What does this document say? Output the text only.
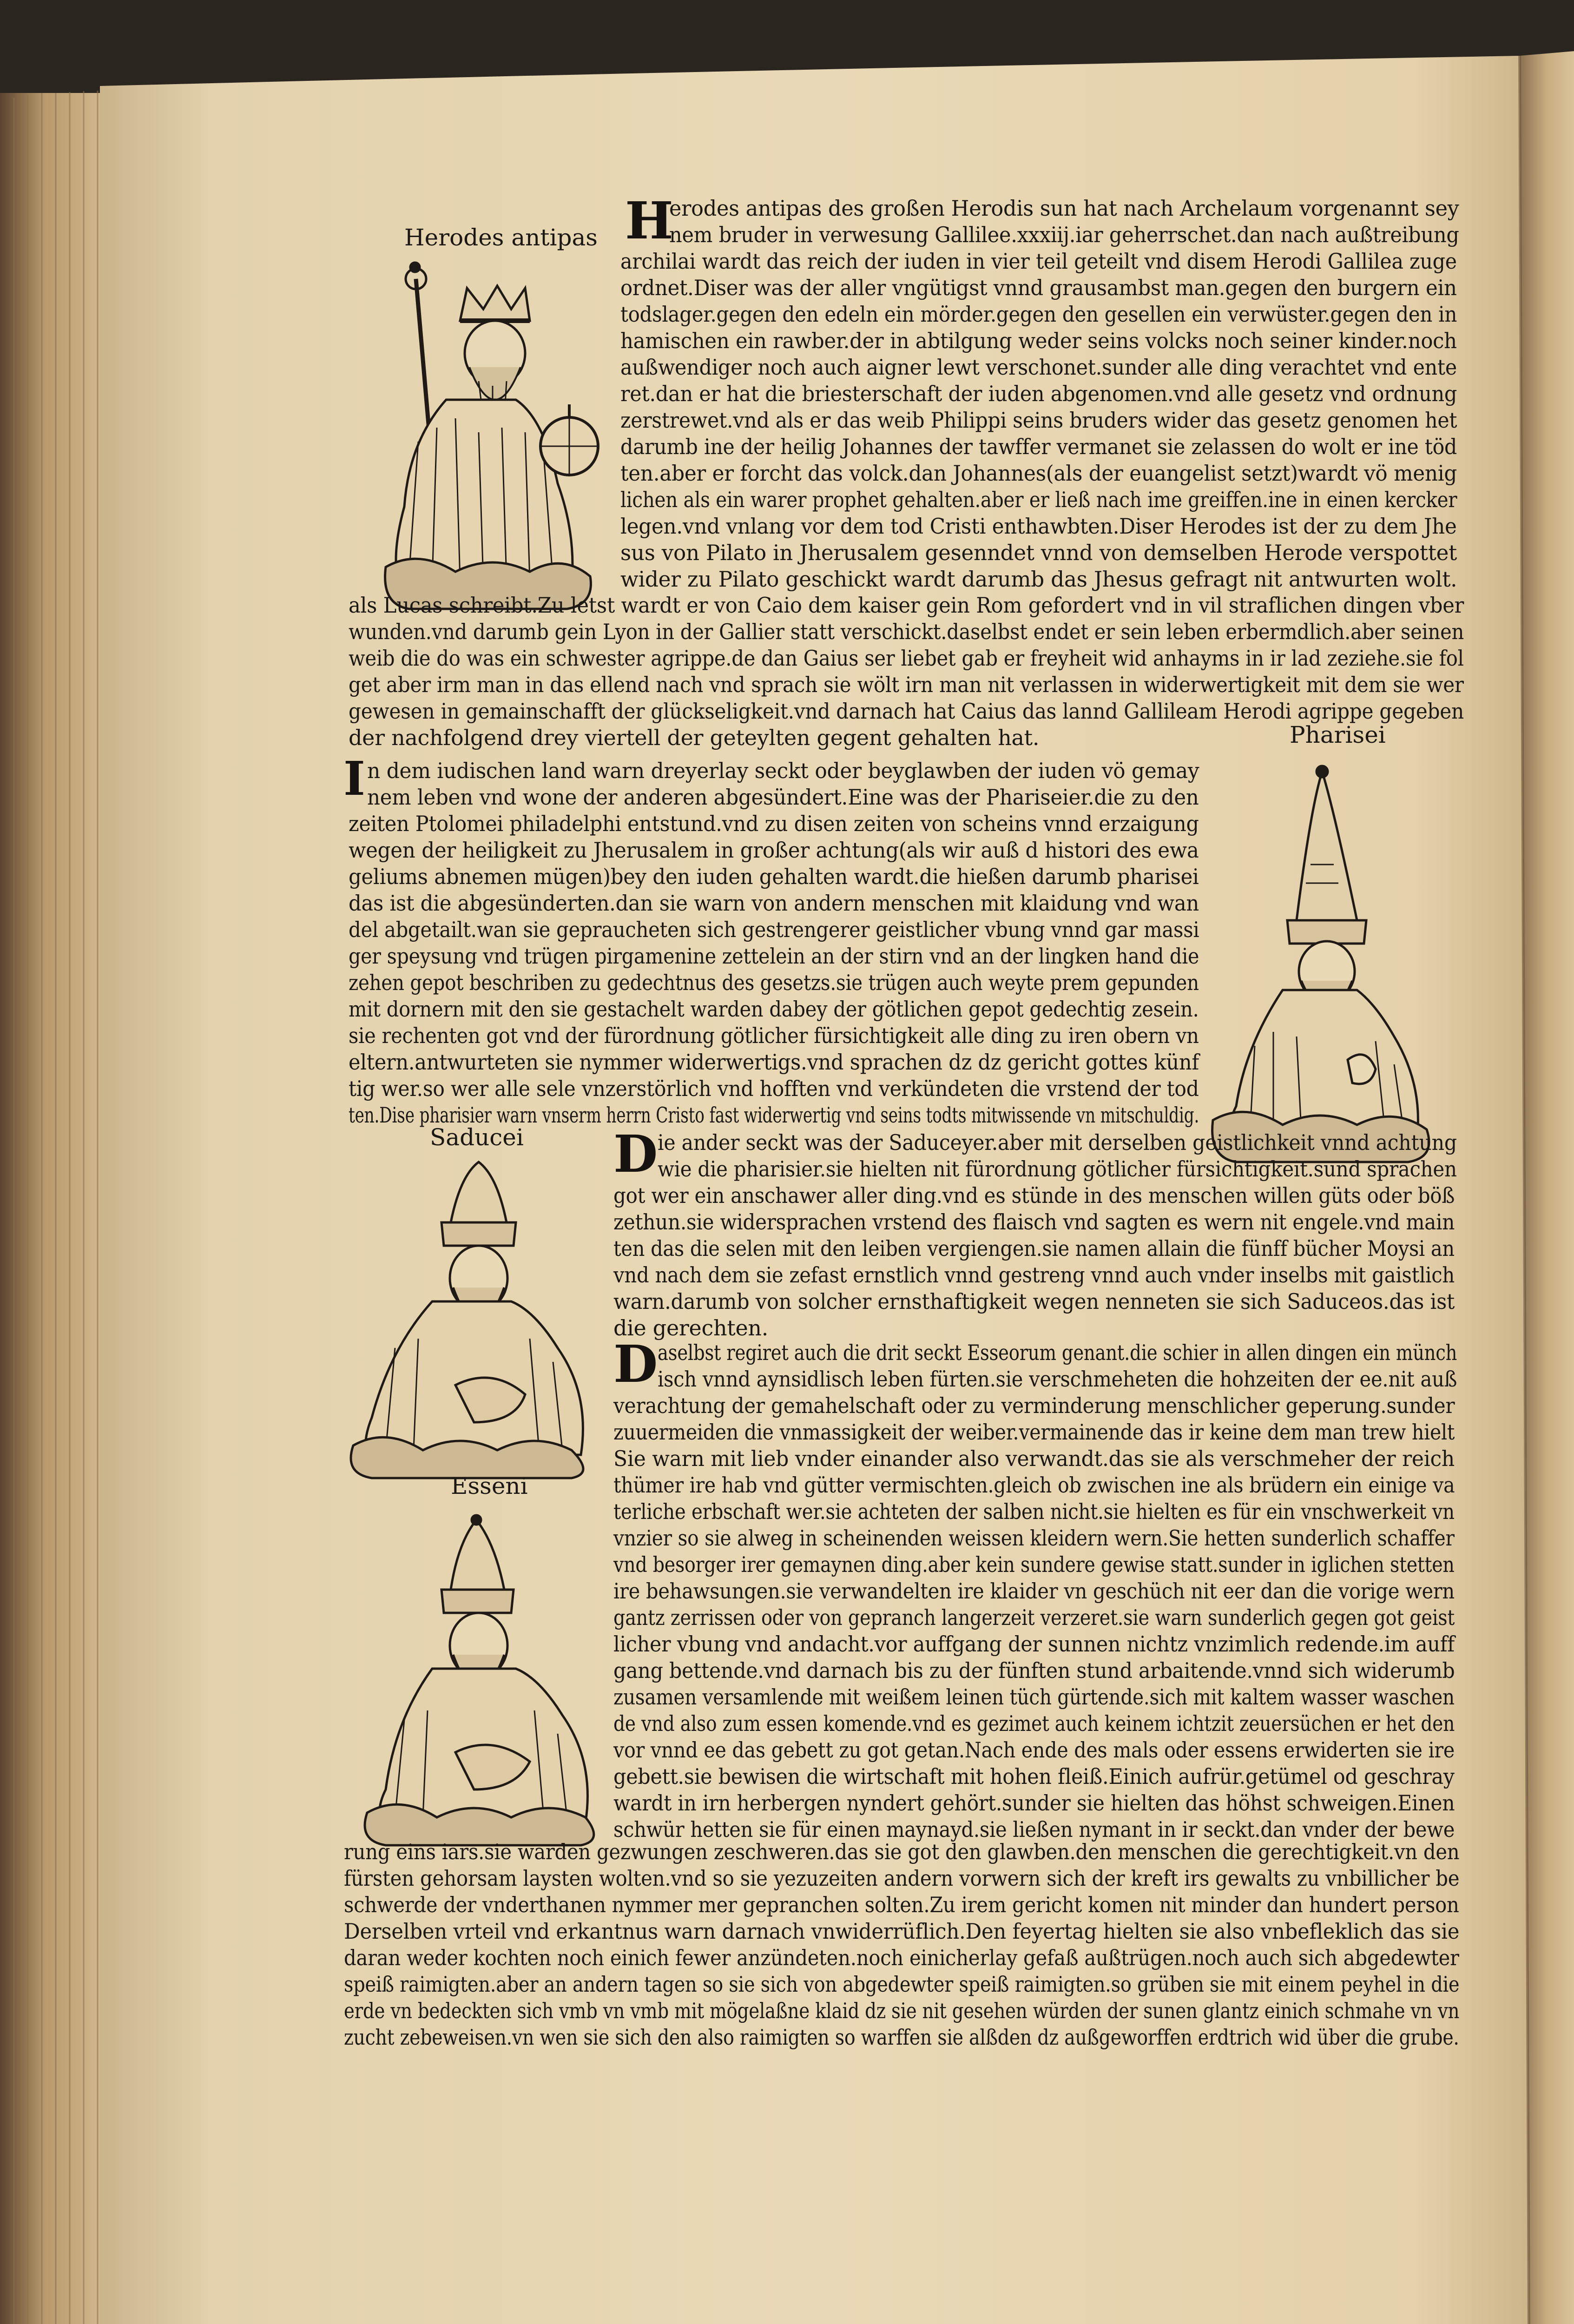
Herodes antipas
Pharisei
Saducei
Esseni
H
I
D
D
erodes antipas des großen Herodis sun hat nach Archelaum vorgenannt sey
nem bruder in verwesung Gallilee.xxxiij.iar geherrschet.dan nach außtreibung
archilai wardt das reich der iuden in vier teil geteilt vnd disem Herodi Gallilea zuge
ordnet.Diser was der aller vngütigst vnnd grausambst man.gegen den burgern ein
todslager.gegen den edeln ein mörder.gegen den gesellen ein verwüster.gegen den in
hamischen ein rawber.der in abtilgung weder seins volcks noch seiner kinder.noch
außwendiger noch auch aigner lewt verschonet.sunder alle ding verachtet vnd ente
ret.dan er hat die briesterschaft der iuden abgenomen.vnd alle gesetz vnd ordnung
zerstrewet.vnd als er das weib Philippi seins bruders wider das gesetz genomen het
darumb ine der heilig Johannes der tawffer vermanet sie zelassen do wolt er ine töd
ten.aber er forcht das volck.dan Johannes(als der euangelist setzt)wardt vö menig
lichen als ein warer prophet gehalten.aber er ließ nach ime greiffen.ine in einen kercker
legen.vnd vnlang vor dem tod Cristi enthawbten.Diser Herodes ist der zu dem Jhe
sus von Pilato in Jherusalem gesenndet vnnd von demselben Herode verspottet
wider zu Pilato geschickt wardt darumb das Jhesus gefragt nit antwurten wolt.
als Lucas schreibt.Zu letst wardt er von Caio dem kaiser gein Rom gefordert vnd in vil straflichen dingen vber
wunden.vnd darumb gein Lyon in der Gallier statt verschickt.daselbst endet er sein leben erbermdlich.aber seinen
weib die do was ein schwester agrippe.de dan Gaius ser liebet gab er freyheit wid anhayms in ir lad zeziehe.sie fol
get aber irm man in das ellend nach vnd sprach sie wölt irn man nit verlassen in widerwertigkeit mit dem sie wer
gewesen in gemainschafft der glückseligkeit.vnd darnach hat Caius das lannd Gallileam Herodi agrippe gegeben
der nachfolgend drey viertell der geteylten gegent gehalten hat.
n dem iudischen land warn dreyerlay seckt oder beyglawben der iuden vö gemay
nem leben vnd wone der anderen abgesündert.Eine was der Phariseier.die zu den
zeiten Ptolomei philadelphi entstund.vnd zu disen zeiten von scheins vnnd erzaigung
wegen der heiligkeit zu Jherusalem in großer achtung(als wir auß d histori des ewa
geliums abnemen mügen)bey den iuden gehalten wardt.die hießen darumb pharisei
das ist die abgesünderten.dan sie warn von andern menschen mit klaidung vnd wan
del abgetailt.wan sie gepraucheten sich gestrengerer geistlicher vbung vnnd gar massi
ger speysung vnd trügen pirgamenine zettelein an der stirn vnd an der lingken hand die
zehen gepot beschriben zu gedechtnus des gesetzs.sie trügen auch weyte prem gepunden
mit dornern mit den sie gestachelt warden dabey der götlichen gepot gedechtig zesein.
sie rechenten got vnd der fürordnung götlicher fürsichtigkeit alle ding zu iren obern vn
eltern.antwurteten sie nymmer widerwertigs.vnd sprachen dz dz gericht gottes künf
tig wer.so wer alle sele vnzerstörlich vnd hofften vnd verkündeten die vrstend der tod
ten.Dise pharisier warn vnserm herrn Cristo fast widerwertig vnd seins todts mitwissende vn mitschuldig.
ie ander seckt was der Saduceyer.aber mit derselben geistlichkeit vnnd achtung
wie die pharisier.sie hielten nit fürordnung götlicher fürsichtigkeit.sund sprachen
got wer ein anschawer aller ding.vnd es stünde in des menschen willen güts oder böß
zethun.sie widersprachen vrstend des flaisch vnd sagten es wern nit engele.vnd main
ten das die selen mit den leiben vergiengen.sie namen allain die fünff bücher Moysi an
vnd nach dem sie zefast ernstlich vnnd gestreng vnnd auch vnder inselbs mit gaistlich
warn.darumb von solcher ernsthaftigkeit wegen nenneten sie sich Saduceos.das ist
die gerechten.
aselbst regiret auch die drit seckt Esseorum genant.die schier in allen dingen ein münch
isch vnnd aynsidlisch leben fürten.sie verschmeheten die hohzeiten der ee.nit auß
verachtung der gemahelschaft oder zu verminderung menschlicher geperung.sunder
zuuermeiden die vnmassigkeit der weiber.vermainende das ir keine dem man trew hielt
Sie warn mit lieb vnder einander also verwandt.das sie als verschmeher der reich
thümer ire hab vnd gütter vermischten.gleich ob zwischen ine als brüdern ein einige va
terliche erbschaft wer.sie achteten der salben nicht.sie hielten es für ein vnschwerkeit vn
vnzier so sie alweg in scheinenden weissen kleidern wern.Sie hetten sunderlich schaffer
vnd besorger irer gemaynen ding.aber kein sundere gewise statt.sunder in iglichen stetten
ire behawsungen.sie verwandelten ire klaider vn geschüch nit eer dan die vorige wern
gantz zerrissen oder von gepranch langerzeit verzeret.sie warn sunderlich gegen got geist
licher vbung vnd andacht.vor auffgang der sunnen nichtz vnzimlich redende.im auff
gang bettende.vnd darnach bis zu der fünften stund arbaitende.vnnd sich widerumb
zusamen versamlende mit weißem leinen tüch gürtende.sich mit kaltem wasser waschen
de vnd also zum essen komende.vnd es gezimet auch keinem ichtzit zeuersüchen er het den
vor vnnd ee das gebett zu got getan.Nach ende des mals oder essens erwiderten sie ire
gebett.sie bewisen die wirtschaft mit hohen fleiß.Einich aufrür.getümel od geschray
wardt in irn herbergen nyndert gehört.sunder sie hielten das höhst schweigen.Einen
schwür hetten sie für einen maynayd.sie ließen nymant in ir seckt.dan vnder der bewe
rung eins iars.sie warden gezwungen zeschweren.das sie got den glawben.den menschen die gerechtigkeit.vn den
fürsten gehorsam laysten wolten.vnd so sie yezuzeiten andern vorwern sich der kreft irs gewalts zu vnbillicher be
schwerde der vnderthanen nymmer mer gepranchen solten.Zu irem gericht komen nit minder dan hundert person
Derselben vrteil vnd erkantnus warn darnach vnwiderrüflich.Den feyertag hielten sie also vnbefleklich das sie
daran weder kochten noch einich fewer anzündeten.noch einicherlay gefaß außtrügen.noch auch sich abgedewter
speiß raimigten.aber an andern tagen so sie sich von abgedewter speiß raimigten.so grüben sie mit einem peyhel in die
erde vn bedeckten sich vmb vn vmb mit mögelaßne klaid dz sie nit gesehen würden der sunen glantz einich schmahe vn vn
zucht zebeweisen.vn wen sie sich den also raimigten so warffen sie alßden dz außgeworffen erdtrich wid über die grube.
